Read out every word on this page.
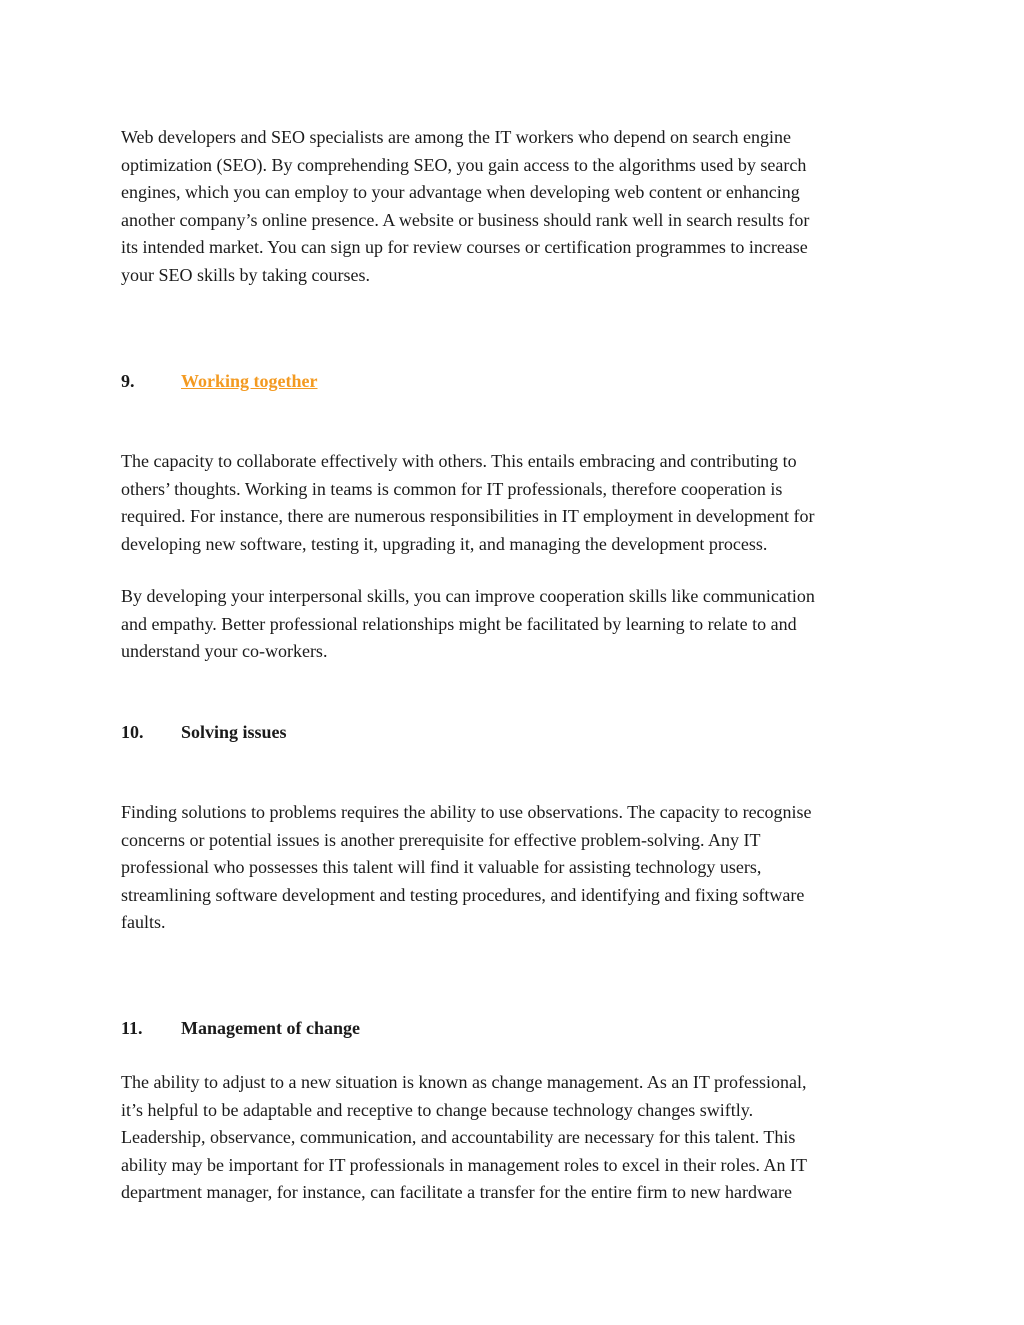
Web developers and SEO specialists are among the IT workers who depend on search engine
optimization (SEO). By comprehending SEO, you gain access to the algorithms used by search
engines, which you can employ to your advantage when developing web content or enhancing
another company’s online presence. A website or business should rank well in search results for
its intended market. You can sign up for review courses or certification programmes to increase
your SEO skills by taking courses.

9.	Working together

The capacity to collaborate effectively with others. This entails embracing and contributing to
others’ thoughts. Working in teams is common for IT professionals, therefore cooperation is
required. For instance, there are numerous responsibilities in IT employment in development for
developing new software, testing it, upgrading it, and managing the development process.

By developing your interpersonal skills, you can improve cooperation skills like communication
and empathy. Better professional relationships might be facilitated by learning to relate to and
understand your co-workers.

10. Solving issues

Finding solutions to problems requires the ability to use observations. The capacity to recognise
concerns or potential issues is another prerequisite for effective problem-solving. Any IT
professional who possesses this talent will find it valuable for assisting technology users,
streamlining software development and testing procedures, and identifying and fixing software
faults.

11. Management of change

The ability to adjust to a new situation is known as change management. As an IT professional,
it’s helpful to be adaptable and receptive to change because technology changes swiftly.
Leadership, observance, communication, and accountability are necessary for this talent. This
ability may be important for IT professionals in management roles to excel in their roles. An IT
department manager, for instance, can facilitate a transfer for the entire firm to new hardware
